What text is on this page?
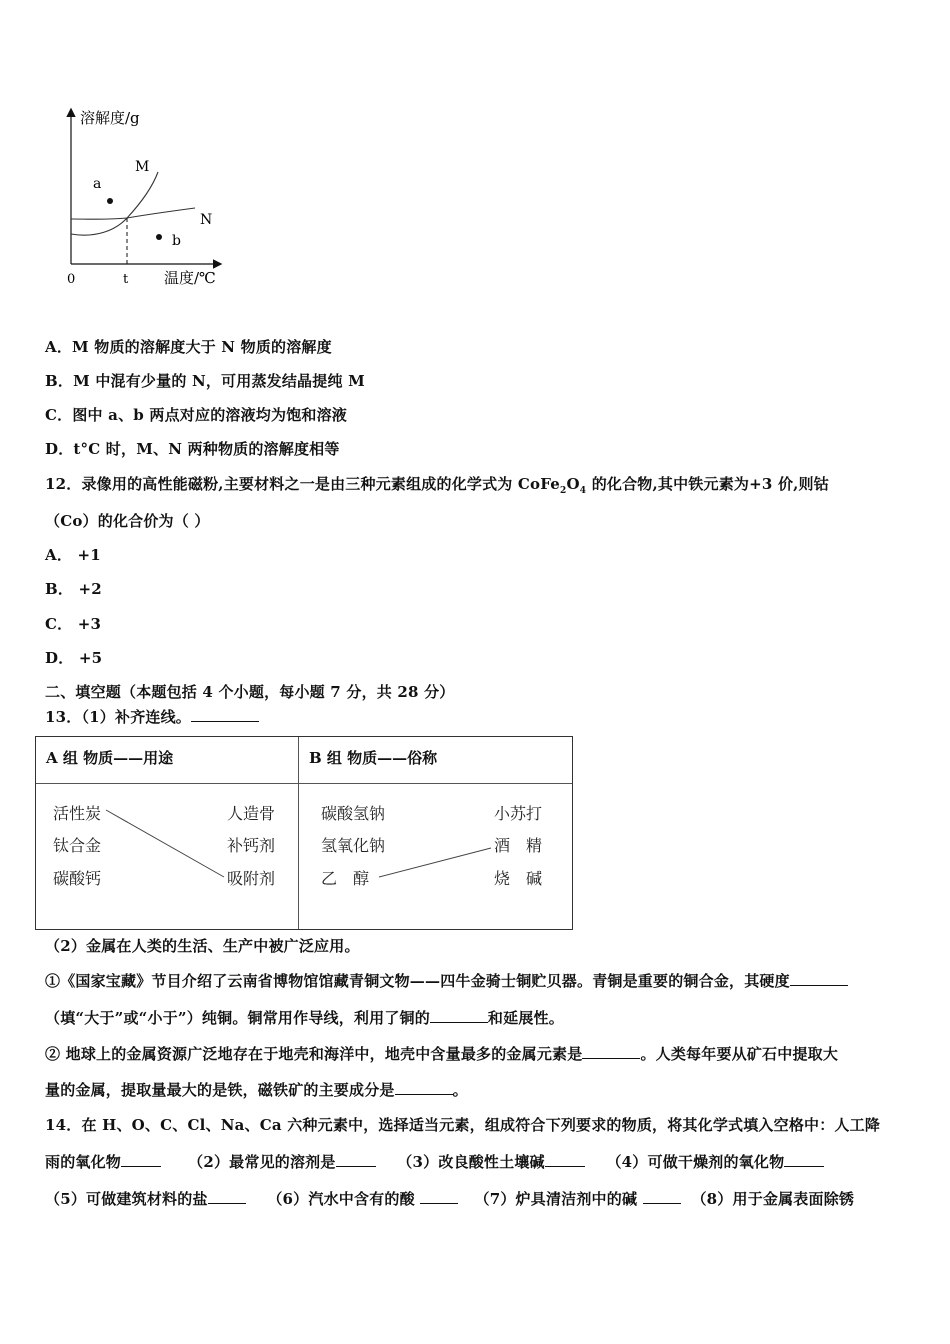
溶解度/g
温度/℃
0	t
M
N
a
b
A．M 物质的溶解度大于 N 物质的溶解度
B．M 中混有少量的 N，可用蒸发结晶提纯 M
C．图中 a、b 两点对应的溶液均为饱和溶液
D．t°C 时，M、N 两种物质的溶解度相等
12．录像用的高性能磁粉,主要材料之一是由三种元素组成的化学式为 $CoFe_2O_4$ 的化合物,其中铁元素为+3 价,则钴
（Co）的化合价为（ ）
A． +1
B． +2
C． +3
D． +5
二、填空题（本题包括 4 个小题，每小题 7 分，共 28 分）
13．（1）补齐连线。
A 组 物质——用途	B 组 物质——俗称
活性炭
钛合金
碳酸钙
人造骨
补钙剂
吸附剂
碳酸氢钠
氢氧化钠
乙　醇
小苏打
酒　精
烧　碱
（2）金属在人类的生活、生产中被广泛应用。
①《国家宝藏》节目介绍了云南省博物馆馆藏青铜文物——四牛金骑士铜贮贝器。青铜是重要的铜合金，其硬度
（填“大于”或“小于”）纯铜。铜常用作导线，利用了铜的	和延展性。
② 地球上的金属资源广泛地存在于地壳和海洋中，地壳中含量最多的金属元素是	。人类每年要从矿石中提取大
量的金属，提取量最大的是铁，磁铁矿的主要成分是	。
14．在 H、O、C、Cl、Na、Ca 六种元素中，选择适当元素，组成符合下列要求的物质，将其化学式填入空格中：人工降
雨的氧化物	（2）最常见的溶剂是	（3）改良酸性土壤碱	（4）可做干燥剂的氧化物
（5）可做建筑材料的盐	（6）汽水中含有的酸	（7）炉具清洁剂中的碱	（8）用于金属表面除锈
